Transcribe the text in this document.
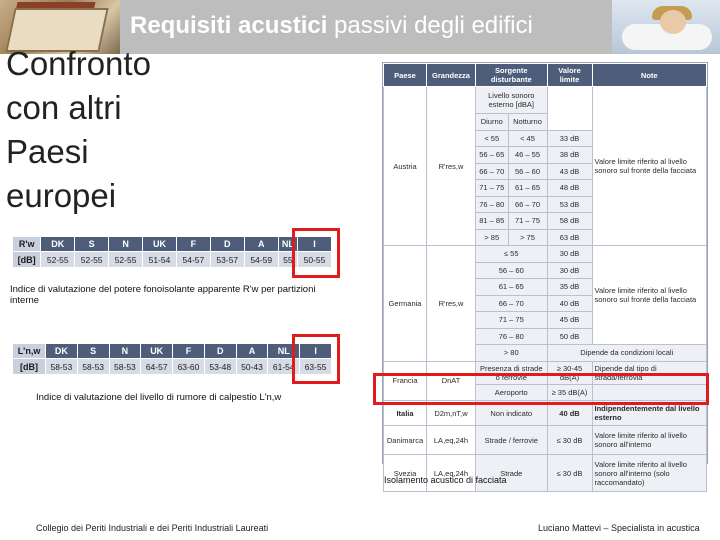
Requisiti acustici passivi degli edifici
Confronto
con altri
Paesi
europei
R'w	DK	S	N	UK	F	D	A	NL	I
[dB]	52-55	52-55	52-55	51-54	54-57	53-57	54-59	55	50-55
Indice di valutazione del potere fonoisolante apparente R'w per partizioni interne
L'n,w	DK	S	N	UK	F	D	A	NL	I
[dB]	58-53	58-53	58-53	64-57	63-60	53-48	50-43	61-54	63-55
Indice di valutazione del livello di rumore di calpestio L'n,w
Paese	Grandezza	Sorgente disturbante		Valore limite	Note
Austria	R'res,w	Livello sonoro esterno [dBA]			Valore limite riferito al livello sonoro sul fronte della facciata
		Diurno	Notturno		
		< 55	< 45	33 dB	
		56 – 65	46 – 55	38 dB	
		66 – 70	56 – 60	43 dB	
		71 – 75	61 – 65	48 dB	
		76 – 80	66 – 70	53 dB	
		81 – 85	71 – 75	58 dB	
		> 85	> 75	63 dB	
Germania	R'res,w	≤ 55		30 dB	Valore limite riferito al livello sonoro sul fronte della facciata
		56 – 60		30 dB	
		61 – 65		35 dB	
		66 – 70		40 dB	
		71 – 75		45 dB	
		76 – 80		50 dB	
		> 80		Dipende da condizioni locali	
Francia	DnAT	Presenza di strade o ferrovie		≥ 30-45 dB(A)	Dipende dal tipo di strada/ferrovia
		Aeroporto		≥ 35 dB(A)	
Italia	D2m,nT,w	Non indicato		40 dB	Indipendentemente dal livello esterno
Danimarca	LA,eq,24h	Strade / ferrovie		≤ 30 dB	Valore limite riferito al livello sonoro all'interno
Svezia	LA,eq,24h	Strade		≤ 30 dB	Valore limite riferito al livello sonoro all'interno (solo raccomandato)
Isolamento acustico di facciata
Collegio dei Periti Industriali e dei Periti Industriali Laureati	Luciano Mattevi – Specialista in acustica
